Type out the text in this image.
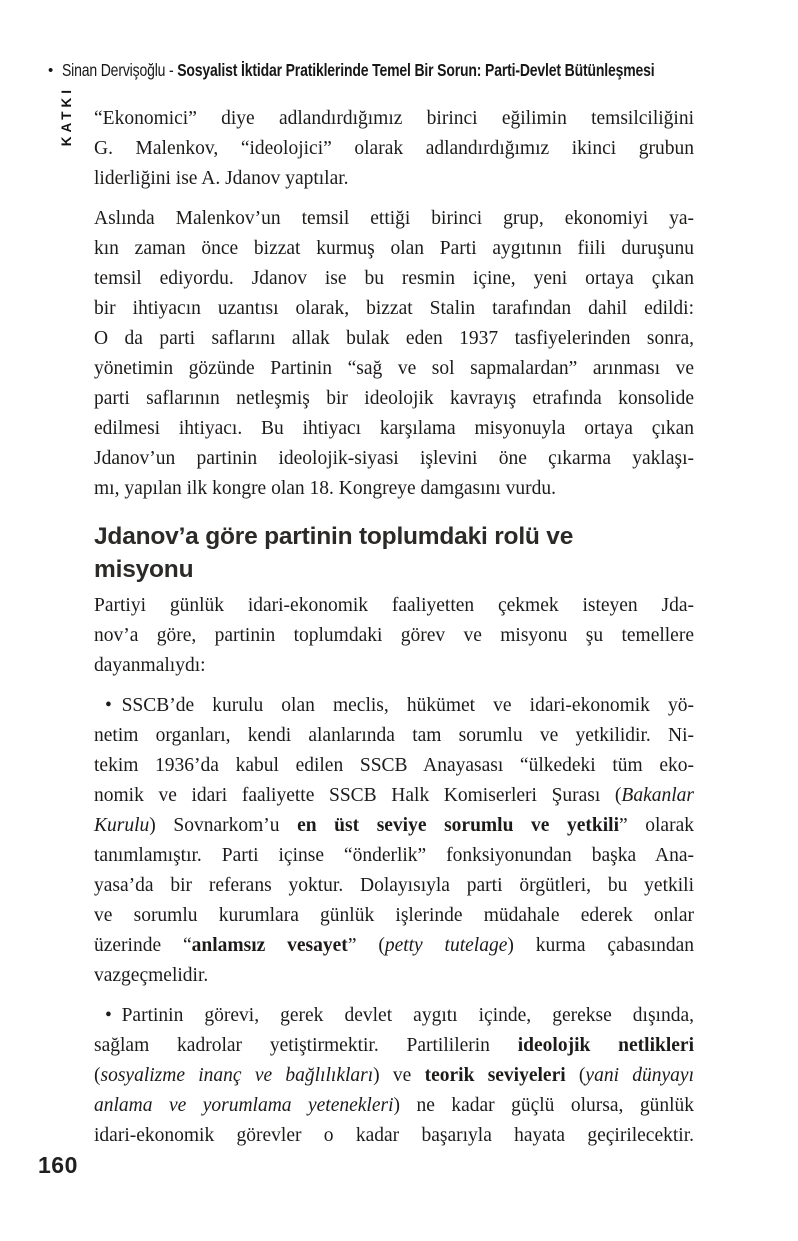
• Sinan Dervişoğlu - Sosyalist İktidar Pratiklerinde Temel Bir Sorun: Parti-Devlet Bütünleşmesi
KATKI “Ekonomici” diye adlandırdığımız birinci eğilimin temsilciliğini
G. Malenkov, “ideolojici” olarak adlandırdığımız ikinci grubun
liderliğini ise A. Jdanov yaptılar.
Aslında Malenkov’un temsil ettiği birinci grup, ekonomiyi ya-
kın zaman önce bizzat kurmuş olan Parti aygıtının fiili duruşunu
temsil ediyordu. Jdanov ise bu resmin içine, yeni ortaya çıkan
bir ihtiyacın uzantısı olarak, bizzat Stalin tarafından dahil edildi:
O da parti saflarını allak bulak eden 1937 tasfiyelerinden sonra,
yönetimin gözünde Partinin “sağ ve sol sapmalardan” arınması ve
parti saflarının netleşmiş bir ideolojik kavrayış etrafında konsolide
edilmesi ihtiyacı. Bu ihtiyacı karşılama misyonuyla ortaya çıkan
Jdanov’un partinin ideolojik-siyasi işlevini öne çıkarma yaklaşı-
mı, yapılan ilk kongre olan 18. Kongreye damgasını vurdu.
Jdanov’a göre partinin toplumdaki rolü ve
misyonu
Partiyi günlük idari-ekonomik faaliyetten çekmek isteyen Jda-
nov’a göre, partinin toplumdaki görev ve misyonu şu temellere
dayanmalıydı:
• SSCB’de kurulu olan meclis, hükümet ve idari-ekonomik yö-
netim organları, kendi alanlarında tam sorumlu ve yetkilidir. Ni-
tekim 1936’da kabul edilen SSCB Anayasası “ülkedeki tüm eko-
nomik ve idari faaliyette SSCB Halk Komiserleri Şurası (Bakanlar
Kurulu) Sovnarkom’u en üst seviye sorumlu ve yetkili” olarak
tanımlamıştır. Parti içinse “önderlik” fonksiyonundan başka Ana-
yasa’da bir referans yoktur. Dolayısıyla parti örgütleri, bu yetkili
ve sorumlu kurumlara günlük işlerinde müdahale ederek onlar
üzerinde “anlamsız vesayet” (petty tutelage) kurma çabasından
vazgeçmelidir.
• Partinin görevi, gerek devlet aygıtı içinde, gerekse dışında,
sağlam kadrolar yetiştirmektir. Partililerin ideolojik netlikleri
(sosyalizme inanç ve bağlılıkları) ve teorik seviyeleri (yani dünyayı
anlama ve yorumlama yetenekleri) ne kadar güçlü olursa, günlük
idari-ekonomik görevler o kadar başarıyla hayata geçirilecektir.
160
